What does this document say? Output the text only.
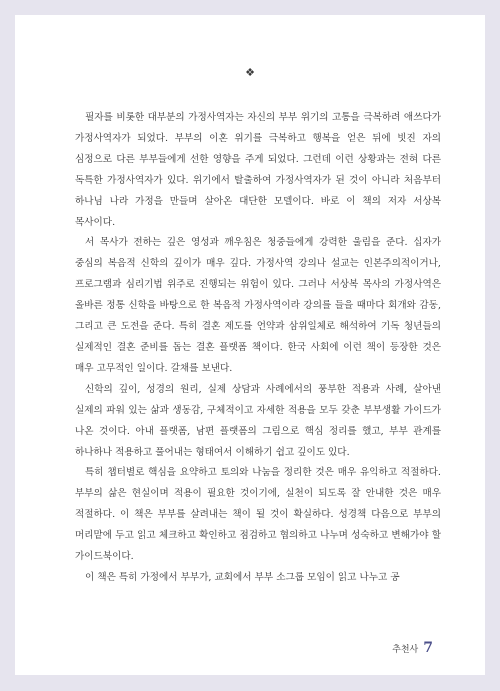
❖

필자를 비롯한 대부분의 가정사역자는 자신의 부부 위기의 고통을 극복하려 애쓰다가 가정사역자가 되었다. 부부의 이혼 위기를 극복하고 행복을 얻은 뒤에 빗진 자의 심정으로 다른 부부들에게 선한 영향을 주게 되었다. 그런데 이런 상황과는 전혀 다른 독특한 가정사역자가 있다. 위기에서 탈출하여 가정사역자가 된 것이 아니라 처음부터 하나님 나라 가정을 만들며 살아온 대단한 모델이다. 바로 이 책의 저자 서상복 목사이다.

서 목사가 전하는 깊은 영성과 깨우침은 청중들에게 강력한 울림을 준다. 십자가 중심의 복음적 신학의 깊이가 매우 깊다. 가정사역 강의나 설교는 인본주의적이거나, 프로그램과 심리기법 위주로 진행되는 위험이 있다. 그러나 서상복 목사의 가정사역은 올바른 정통 신학을 바탕으로 한 복음적 가정사역이라 강의를 들을 때마다 회개와 감동, 그리고 큰 도전을 준다. 특히 결혼 제도를 언약과 삼위일체로 해석하여 기독 청년들의 실제적인 결혼 준비를 돕는 결혼 플랫폼 책이다. 한국 사회에 이런 책이 등장한 것은 매우 고무적인 일이다. 갈채를 보낸다.

신학의 깊이, 성경의 원리, 실제 상담과 사례에서의 풍부한 적용과 사례, 살아낸 실제의 파워 있는 삶과 생동감, 구체적이고 자세한 적용을 모두 갖춘 부부생활 가이드가 나온 것이다. 아내 플랫폼, 남편 플랫폼의 그림으로 핵심 정리를 했고, 부부 관계를 하나하나 적용하고 풀어내는 형태여서 이해하기 쉽고 깊이도 있다.

특히 챕터별로 핵심을 요약하고 토의와 나눔을 정리한 것은 매우 유익하고 적절하다. 부부의 삶은 현실이며 적용이 필요한 것이기에, 실천이 되도록 잘 안내한 것은 매우 적절하다. 이 책은 부부를 살려내는 책이 될 것이 확실하다. 성경책 다음으로 부부의 머리맡에 두고 읽고 체크하고 확인하고 점검하고 협의하고 나누며 성숙하고 변해가야 할 가이드북이다.

이 책은 특히 가정에서 부부가, 교회에서 부부 소그룹 모임이 읽고 나누고 공

추천사 7
